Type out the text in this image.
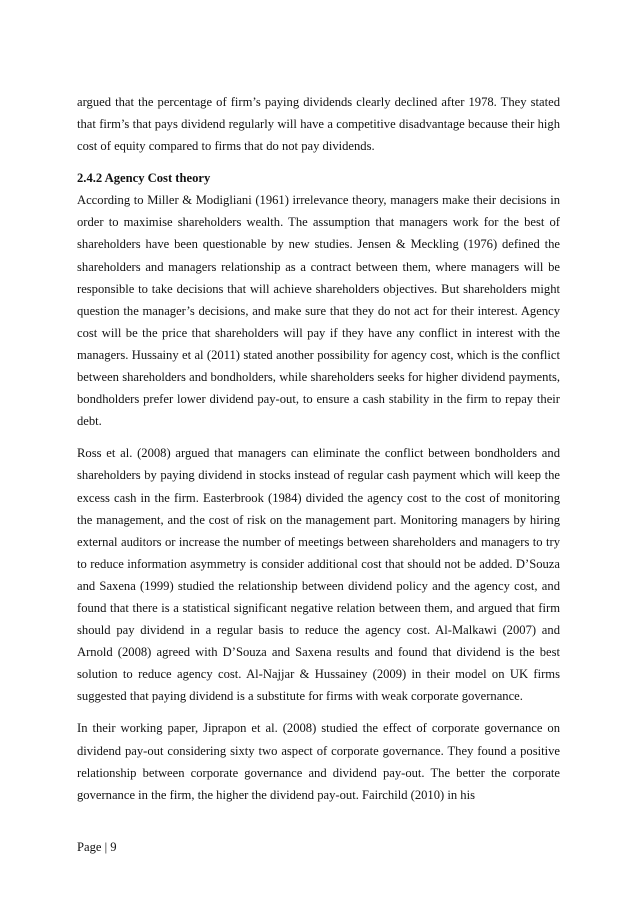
argued that the percentage of firm’s paying dividends clearly declined after 1978. They stated that firm’s that pays dividend regularly will have a competitive disadvantage because their high cost of equity compared to firms that do not pay dividends.

2.4.2 Agency Cost theory

According to Miller & Modigliani (1961) irrelevance theory, managers make their decisions in order to maximise shareholders wealth. The assumption that managers work for the best of shareholders have been questionable by new studies. Jensen & Meckling (1976) defined the shareholders and managers relationship as a contract between them, where managers will be responsible to take decisions that will achieve shareholders objectives. But shareholders might question the manager’s decisions, and make sure that they do not act for their interest. Agency cost will be the price that shareholders will pay if they have any conflict in interest with the managers. Hussainy et al (2011) stated another possibility for agency cost, which is the conflict between shareholders and bondholders, while shareholders seeks for higher dividend payments, bondholders prefer lower dividend pay-out, to ensure a cash stability in the firm to repay their debt.

Ross et al. (2008) argued that managers can eliminate the conflict between bondholders and shareholders by paying dividend in stocks instead of regular cash payment which will keep the excess cash in the firm. Easterbrook (1984) divided the agency cost to the cost of monitoring the management, and the cost of risk on the management part. Monitoring managers by hiring external auditors or increase the number of meetings between shareholders and managers to try to reduce information asymmetry is consider additional cost that should not be added. D’Souza and Saxena (1999) studied the relationship between dividend policy and the agency cost, and found that there is a statistical significant negative relation between them, and argued that firm should pay dividend in a regular basis to reduce the agency cost. Al-Malkawi (2007) and Arnold (2008) agreed with D’Souza and Saxena results and found that dividend is the best solution to reduce agency cost. Al-Najjar & Hussainey (2009) in their model on UK firms suggested that paying dividend is a substitute for firms with weak corporate governance.

In their working paper, Jiprapon et al. (2008) studied the effect of corporate governance on dividend pay-out considering sixty two aspect of corporate governance. They found a positive relationship between corporate governance and dividend pay-out. The better the corporate governance in the firm, the higher the dividend pay-out. Fairchild (2010) in his

Page | 9
